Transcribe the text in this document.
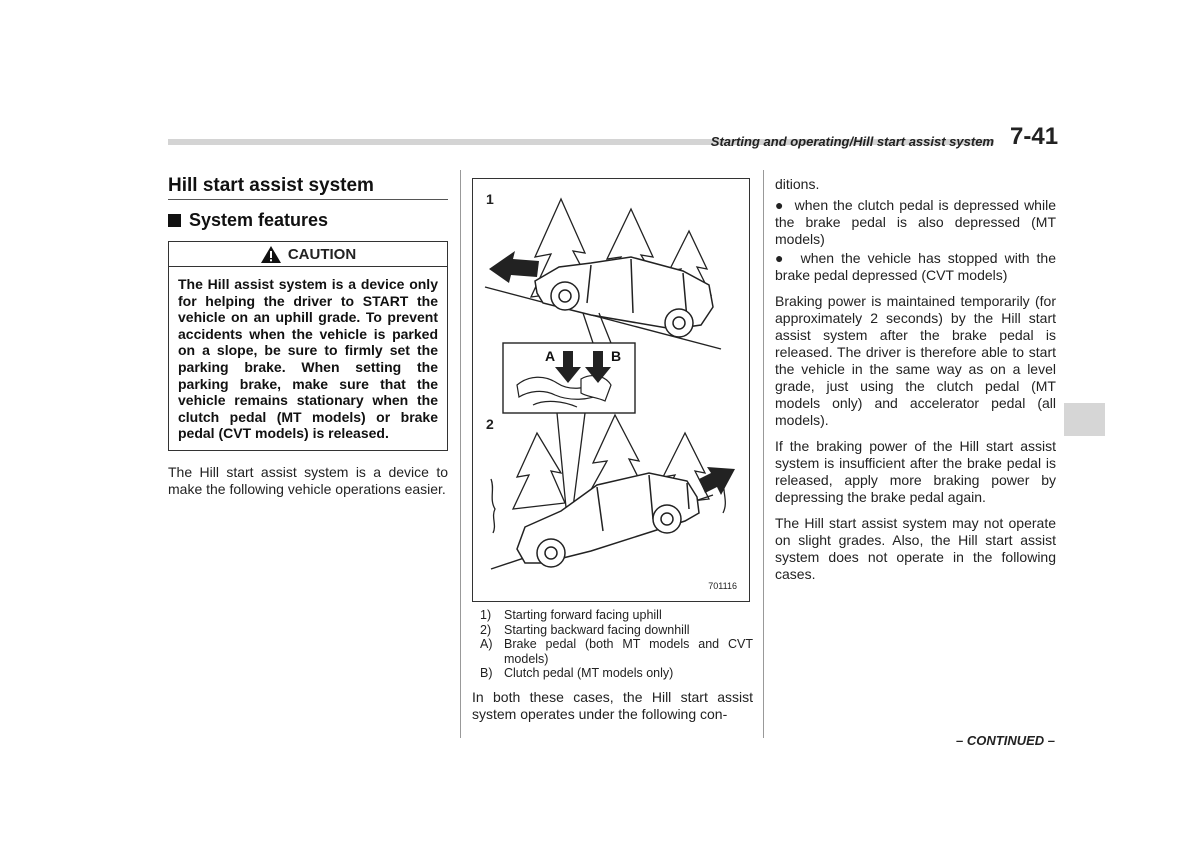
Starting and operating/Hill start assist system 7-41
Hill start assist system
System features
CAUTION
The Hill assist system is a device only for helping the driver to START the vehicle on an uphill grade. To prevent accidents when the vehicle is parked on a slope, be sure to firmly set the parking brake. When setting the parking brake, make sure that the vehicle remains stationary when the clutch pedal (MT models) or brake pedal (CVT models) is released.

The Hill start assist system is a device to make the following vehicle operations easier.

1
2
A	B
701116
1)	Starting forward facing uphill
2)	Starting backward facing downhill
A) Brake pedal (both MT models and CVT models)
B) Clutch pedal (MT models only)

In both these cases, the Hill start assist system operates under the following con-

ditions.

●  when the clutch pedal is depressed while the brake pedal is also depressed (MT models)

●  when the vehicle has stopped with the brake pedal depressed (CVT models)

Braking power is maintained temporarily (for approximately 2 seconds) by the Hill start assist system after the brake pedal is released. The driver is therefore able to start the vehicle in the same way as on a level grade, just using the clutch pedal (MT models only) and accelerator pedal (all models).

If the braking power of the Hill start assist system is insufficient after the brake pedal is released, apply more braking power by depressing the brake pedal again.

The Hill start assist system may not operate on slight grades. Also, the Hill start assist system does not operate in the following cases.

– CONTINUED –
